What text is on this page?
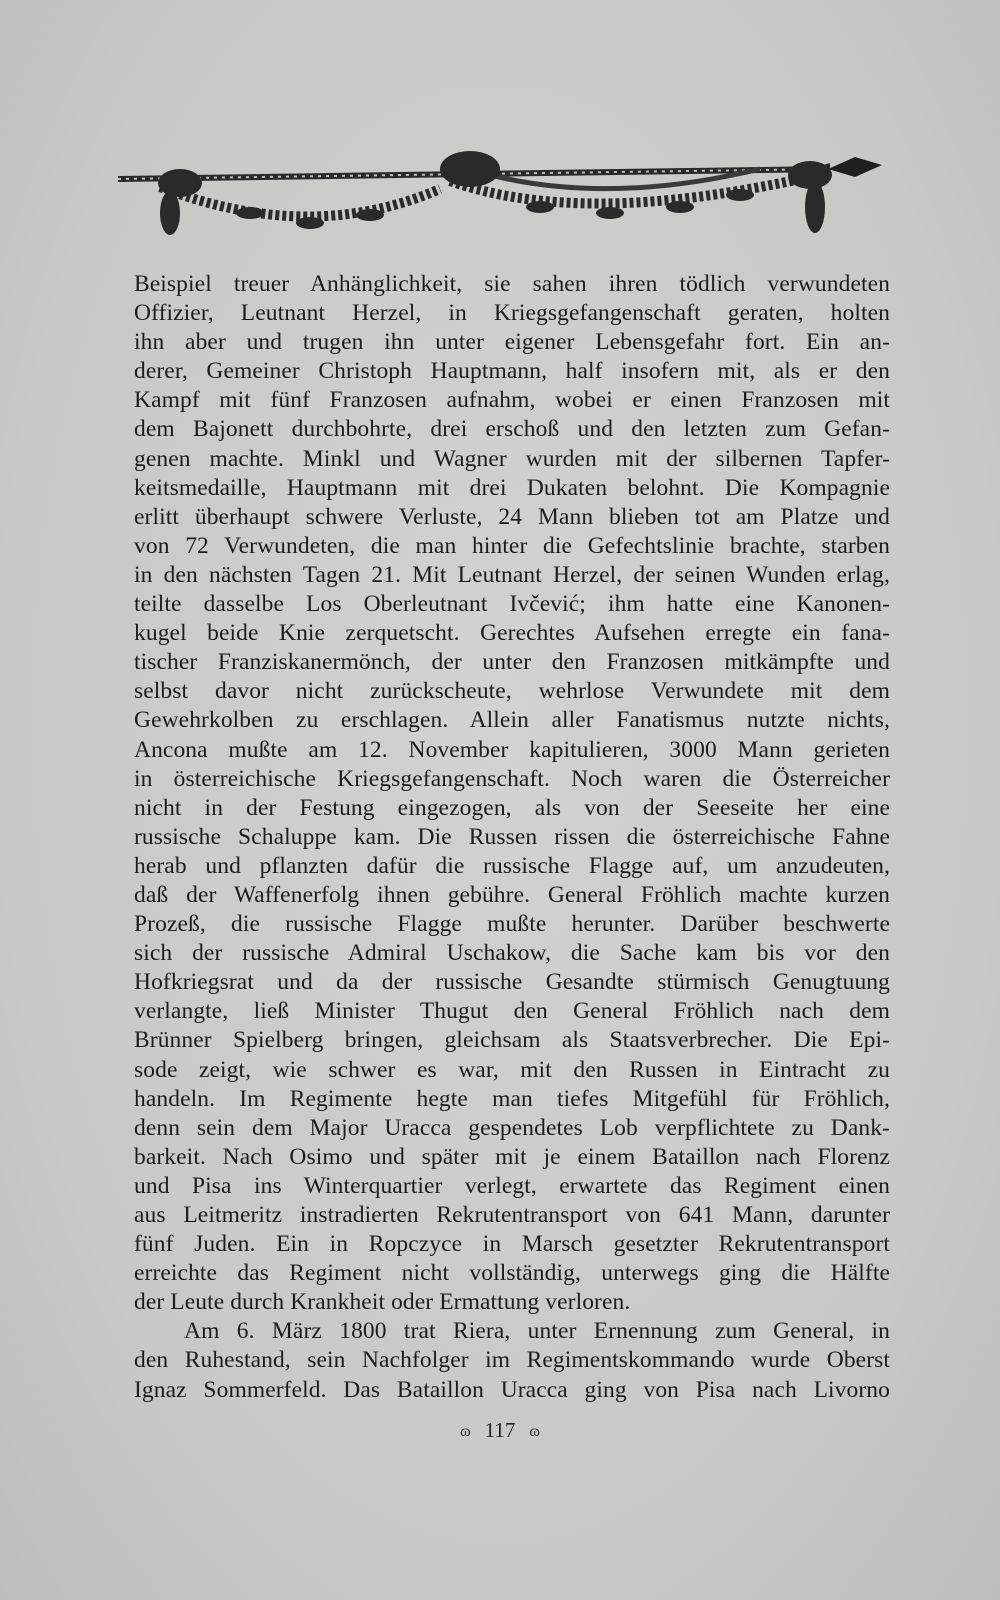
Beispiel treuer Anhänglichkeit, sie sahen ihren tödlich verwundeten
Offizier, Leutnant Herzel, in Kriegsgefangenschaft geraten, holten
ihn aber und trugen ihn unter eigener Lebensgefahr fort. Ein an-
derer, Gemeiner Christoph Hauptmann, half insofern mit, als er den
Kampf mit fünf Franzosen aufnahm, wobei er einen Franzosen mit
dem Bajonett durchbohrte, drei erschoß und den letzten zum Gefan-
genen machte. Minkl und Wagner wurden mit der silbernen Tapfer-
keitsmedaille, Hauptmann mit drei Dukaten belohnt. Die Kompagnie
erlitt überhaupt schwere Verluste, 24 Mann blieben tot am Platze und
von 72 Verwundeten, die man hinter die Gefechtslinie brachte, starben
in den nächsten Tagen 21. Mit Leutnant Herzel, der seinen Wunden erlag,
teilte dasselbe Los Oberleutnant Ivčević; ihm hatte eine Kanonen-
kugel beide Knie zerquetscht. Gerechtes Aufsehen erregte ein fana-
tischer Franziskanermönch, der unter den Franzosen mitkämpfte und
selbst davor nicht zurückscheute, wehrlose Verwundete mit dem
Gewehrkolben zu erschlagen. Allein aller Fanatismus nutzte nichts,
Ancona mußte am 12. November kapitulieren, 3000 Mann gerieten
in österreichische Kriegsgefangenschaft. Noch waren die Österreicher
nicht in der Festung eingezogen, als von der Seeseite her eine
russische Schaluppe kam. Die Russen rissen die österreichische Fahne
herab und pflanzten dafür die russische Flagge auf, um anzudeuten,
daß der Waffenerfolg ihnen gebühre. General Fröhlich machte kurzen
Prozeß, die russische Flagge mußte herunter. Darüber beschwerte
sich der russische Admiral Uschakow, die Sache kam bis vor den
Hofkriegsrat und da der russische Gesandte stürmisch Genugtuung
verlangte, ließ Minister Thugut den General Fröhlich nach dem
Brünner Spielberg bringen, gleichsam als Staatsverbrecher. Die Epi-
sode zeigt, wie schwer es war, mit den Russen in Eintracht zu
handeln. Im Regimente hegte man tiefes Mitgefühl für Fröhlich,
denn sein dem Major Uracca gespendetes Lob verpflichtete zu Dank-
barkeit. Nach Osimo und später mit je einem Bataillon nach Florenz
und Pisa ins Winterquartier verlegt, erwartete das Regiment einen
aus Leitmeritz instradierten Rekrutentransport von 641 Mann, darunter
fünf Juden. Ein in Ropczyce in Marsch gesetzter Rekrutentransport
erreichte das Regiment nicht vollständig, unterwegs ging die Hälfte
der Leute durch Krankheit oder Ermattung verloren.
Am 6. März 1800 trat Riera, unter Ernennung zum General, in
den Ruhestand, sein Nachfolger im Regimentskommando wurde Oberst
Ignaz Sommerfeld. Das Bataillon Uracca ging von Pisa nach Livorno
ɷ 117 ɷ
